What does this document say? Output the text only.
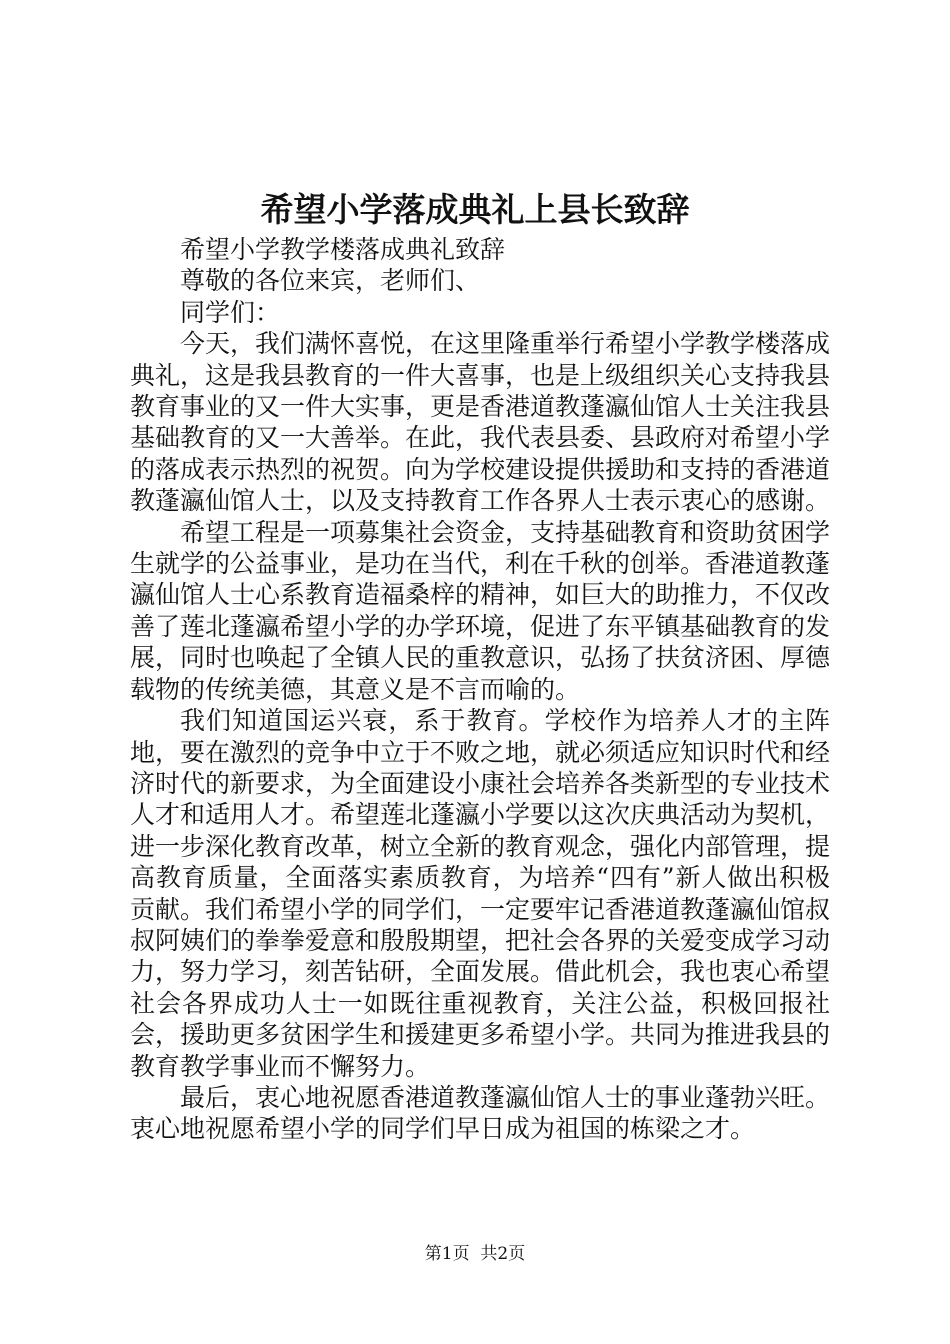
希望小学落成典礼上县长致辞

希望小学教学楼落成典礼致辞

尊敬的各位来宾，老师们、

同学们：

今天，我们满怀喜悦，在这里隆重举行希望小学教学楼落成典礼，这是我县教育的一件大喜事，也是上级组织关心支持我县教育事业的又一件大实事，更是香港道教蓬瀛仙馆人士关注我县基础教育的又一大善举。在此，我代表县委、县政府对希望小学的落成表示热烈的祝贺。向为学校建设提供援助和支持的香港道教蓬瀛仙馆人士，以及支持教育工作各界人士表示衷心的感谢。

希望工程是一项募集社会资金，支持基础教育和资助贫困学生就学的公益事业，是功在当代，利在千秋的创举。香港道教蓬瀛仙馆人士心系教育造福桑梓的精神，如巨大的助推力，不仅改善了莲北蓬瀛希望小学的办学环境，促进了东平镇基础教育的发展，同时也唤起了全镇人民的重教意识，弘扬了扶贫济困、厚德载物的传统美德，其意义是不言而喻的。

我们知道国运兴衰，系于教育。学校作为培养人才的主阵地，要在激烈的竞争中立于不败之地，就必须适应知识时代和经济时代的新要求，为全面建设小康社会培养各类新型的专业技术人才和适用人才。希望莲北蓬瀛小学要以这次庆典活动为契机，进一步深化教育改革，树立全新的教育观念，强化内部管理，提高教育质量，全面落实素质教育，为培养“四有”新人做出积极贡献。我们希望小学的同学们，一定要牢记香港道教蓬瀛仙馆叔叔阿姨们的拳拳爱意和殷殷期望，把社会各界的关爱变成学习动力，努力学习，刻苦钻研，全面发展。借此机会，我也衷心希望社会各界成功人士一如既往重视教育，关注公益，积极回报社会，援助更多贫困学生和援建更多希望小学。共同为推进我县的教育教学事业而不懈努力。

最后，衷心地祝愿香港道教蓬瀛仙馆人士的事业蓬勃兴旺。衷心地祝愿希望小学的同学们早日成为祖国的栋梁之才。

第1页  共2页
